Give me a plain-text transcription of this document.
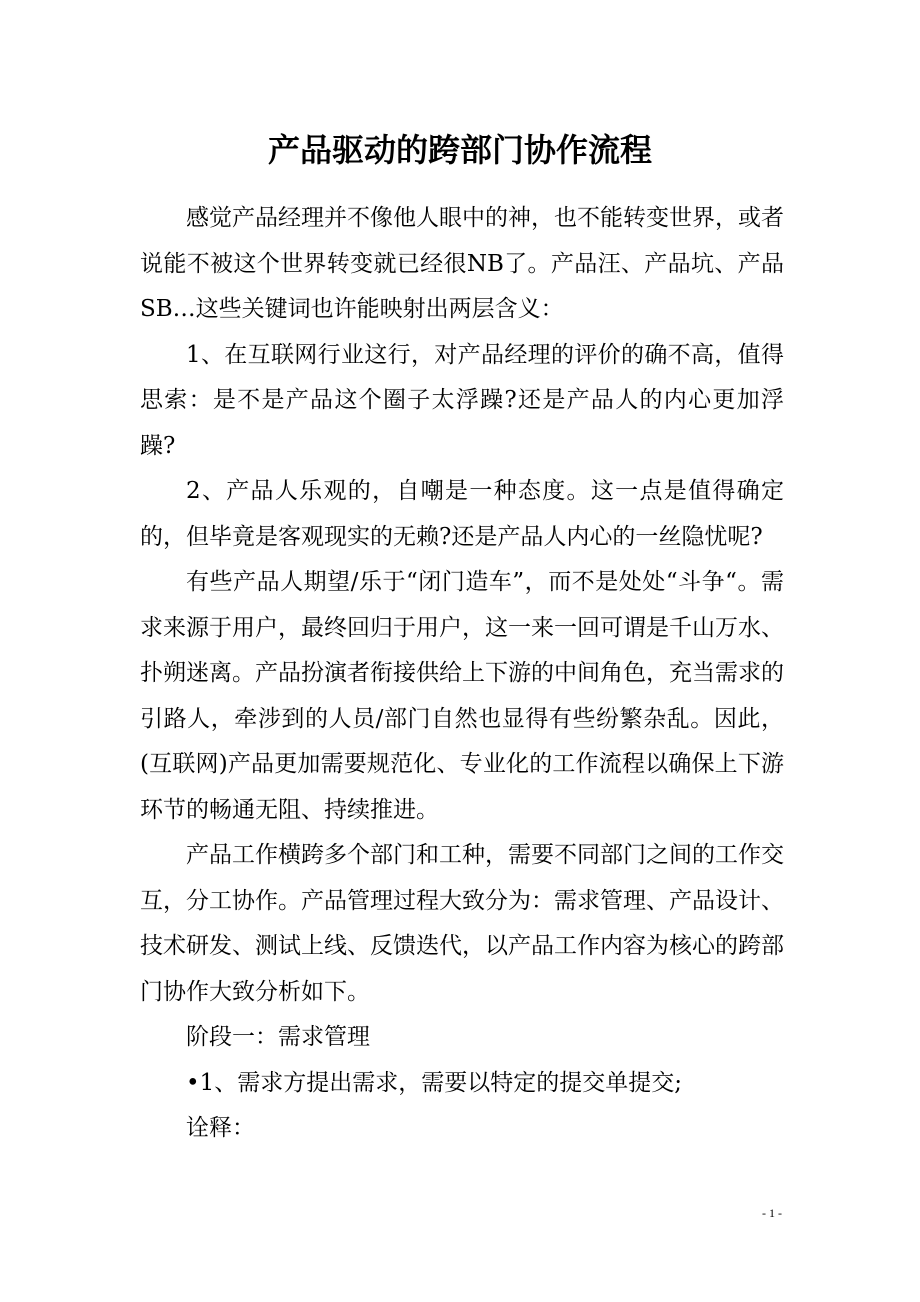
产品驱动的跨部门协作流程

感觉产品经理并不像他人眼中的神，也不能转变世界，或者说能不被这个世界转变就已经很NB了。产品汪、产品坑、产品SB…这些关键词也许能映射出两层含义：

1、在互联网行业这行，对产品经理的评价的确不高，值得思索：是不是产品这个圈子太浮躁?还是产品人的内心更加浮躁?

2、产品人乐观的，自嘲是一种态度。这一点是值得确定的，但毕竟是客观现实的无赖?还是产品人内心的一丝隐忧呢?

有些产品人期望/乐于“闭门造车”，而不是处处“斗争“。需求来源于用户，最终回归于用户，这一来一回可谓是千山万水、扑朔迷离。产品扮演者衔接供给上下游的中间角色，充当需求的引路人，牵涉到的人员/部门自然也显得有些纷繁杂乱。因此，(互联网)产品更加需要规范化、专业化的工作流程以确保上下游环节的畅通无阻、持续推进。

产品工作横跨多个部门和工种，需要不同部门之间的工作交互，分工协作。产品管理过程大致分为：需求管理、产品设计、技术研发、测试上线、反馈迭代，以产品工作内容为核心的跨部门协作大致分析如下。

阶段一：需求管理

•1、需求方提出需求，需要以特定的提交单提交;

诠释：

- 1 -
